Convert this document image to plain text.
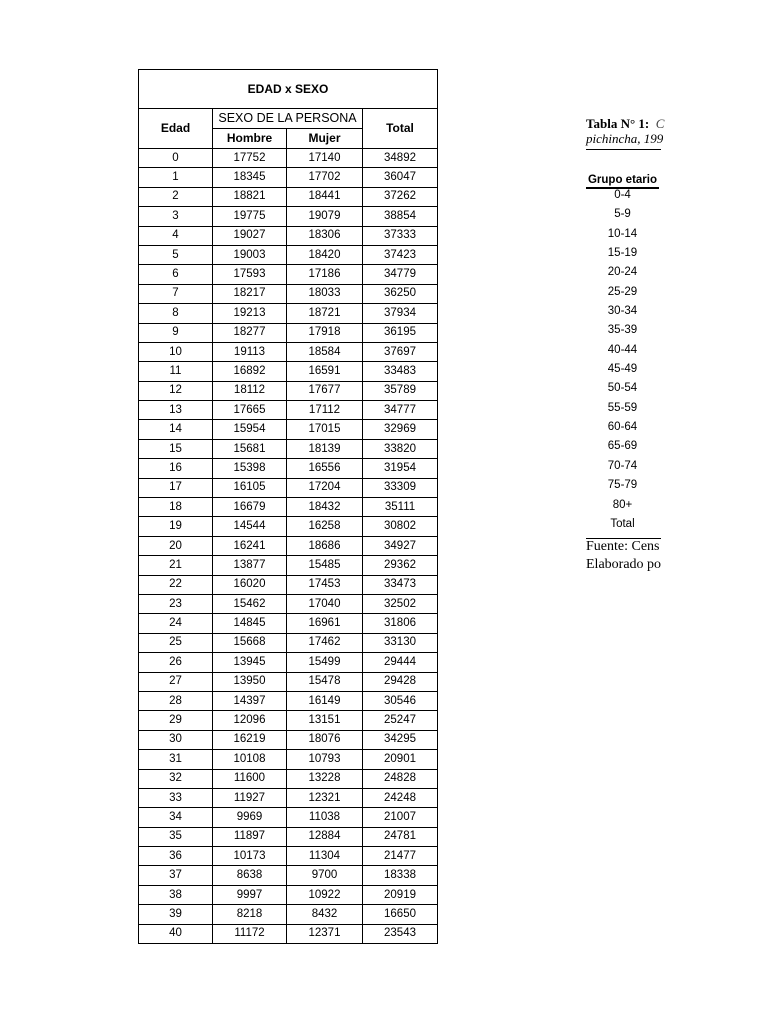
EDAD x SEXO			
Edad	SEXO DE LA PERSONA		Total
	Hombre	Mujer	
0	17752	17140	34892
1	18345	17702	36047
2	18821	18441	37262
3	19775	19079	38854
4	19027	18306	37333
5	19003	18420	37423
6	17593	17186	34779
7	18217	18033	36250
8	19213	18721	37934
9	18277	17918	36195
10	19113	18584	37697
11	16892	16591	33483
12	18112	17677	35789
13	17665	17112	34777
14	15954	17015	32969
15	15681	18139	33820
16	15398	16556	31954
17	16105	17204	33309
18	16679	18432	35111
19	14544	16258	30802
20	16241	18686	34927
21	13877	15485	29362
22	16020	17453	33473
23	15462	17040	32502
24	14845	16961	31806
25	15668	17462	33130
26	13945	15499	29444
27	13950	15478	29428
28	14397	16149	30546
29	12096	13151	25247
30	16219	18076	34295
31	10108	10793	20901
32	11600	13228	24828
33	11927	12321	24248
34	9969	11038	21007
35	11897	12884	24781
36	10173	11304	21477
37	8638	9700	18338
38	9997	10922	20919
39	8218	8432	16650
40	11172	12371	23543
Tabla N° 1: C
pichincha, 199
Grupo etario
0-4
5-9
10-14
15-19
20-24
25-29
30-34
35-39
40-44
45-49
50-54
55-59
60-64
65-69
70-74
75-79
80+
Total
Fuente: Cens
Elaborado po
